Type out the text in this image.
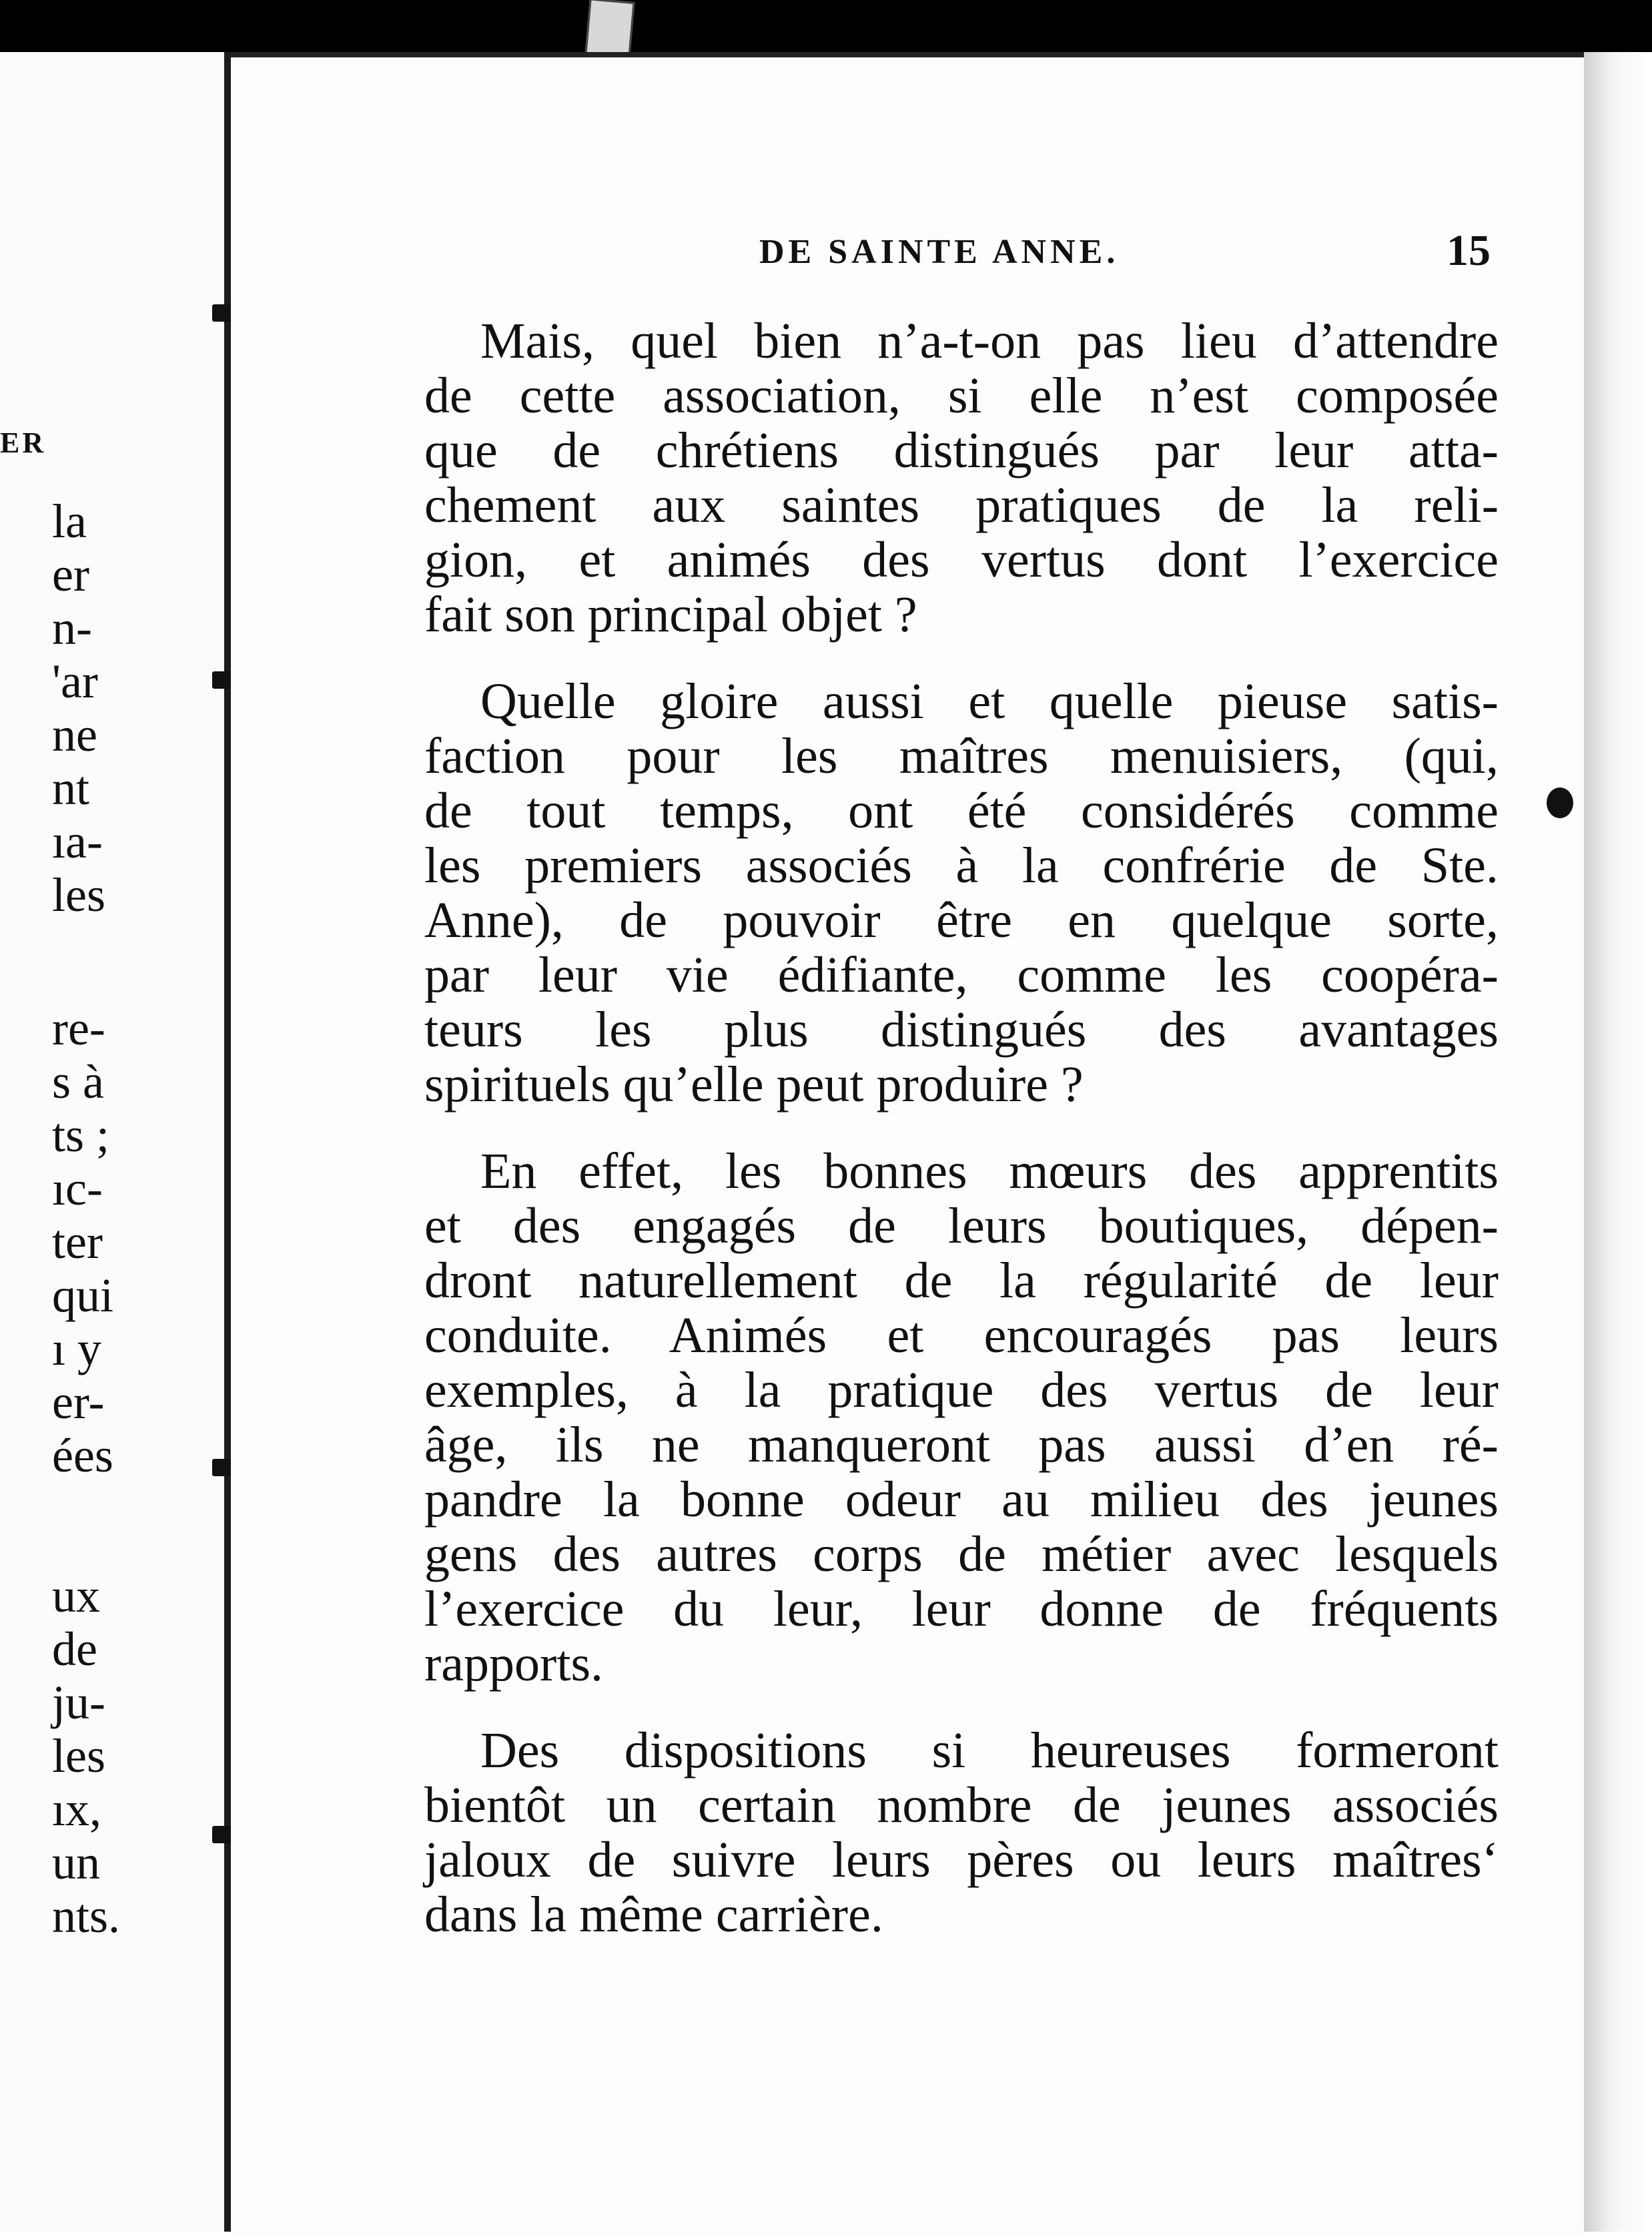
ER
la
er
n-
'ar
ne
nt
ıa-
les
re-
s à
ts ;
ıc-
ter
qui
ı y
er-
ées
ux
de
ju-
les
ıx,
un
nts.
DE SAINTE ANNE.	15
Mais, quel bien n’a-t-on pas lieu d’attendre
de cette association, si elle n’est composée
que de chrétiens distingués par leur atta-
chement aux saintes pratiques de la reli-
gion, et animés des vertus dont l’exercice
fait son principal objet ?
Quelle gloire aussi et quelle pieuse satis-
faction pour les maîtres menuisiers, (qui,
de tout temps, ont été considérés comme
les premiers associés à la confrérie de Ste.
Anne), de pouvoir être en quelque sorte,
par leur vie édifiante, comme les coopéra-
teurs les plus distingués des avantages
spirituels qu’elle peut produire ?
En effet, les bonnes mœurs des apprentits
et des engagés de leurs boutiques, dépen-
dront naturellement de la régularité de leur
conduite. Animés et encouragés pas leurs
exemples, à la pratique des vertus de leur
âge, ils ne manqueront pas aussi d’en ré-
pandre la bonne odeur au milieu des jeunes
gens des autres corps de métier avec lesquels
l’exercice du leur, leur donne de fréquents
rapports.
Des dispositions si heureuses formeront
bientôt un certain nombre de jeunes associés
jaloux de suivre leurs pères ou leurs maîtres‘
dans la même carrière.
